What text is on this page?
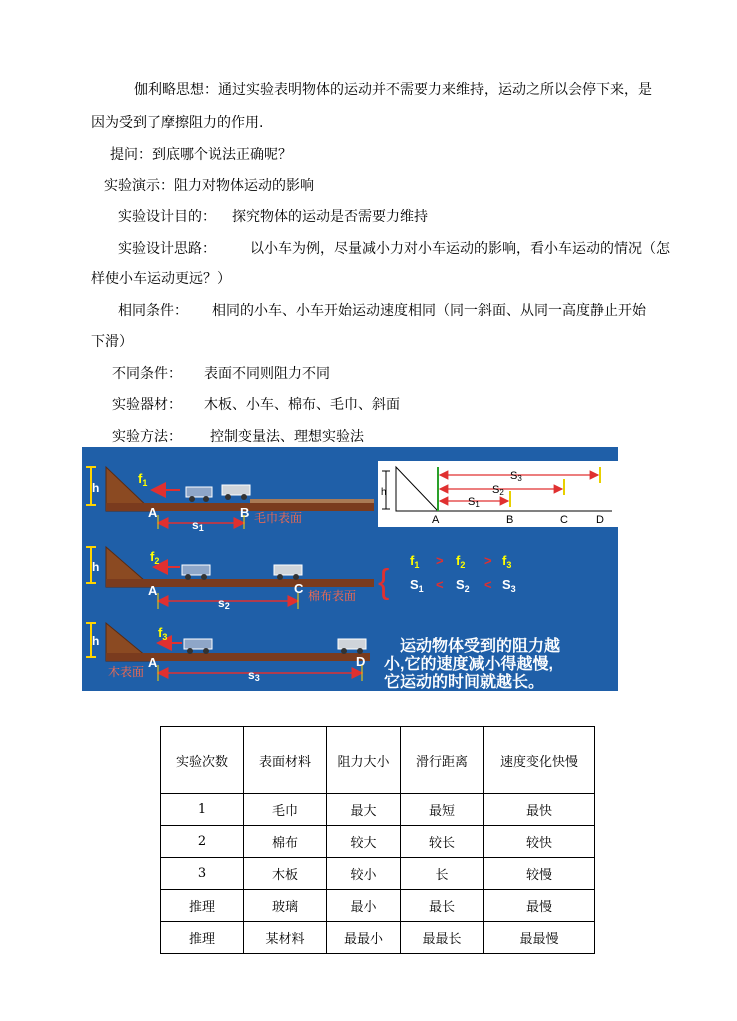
伽利略思想：通过实验表明物体的运动并不需要力来维持，运动之所以会停下来，是
因为受到了摩擦阻力的作用.
提问：到底哪个说法正确呢？
实验演示：阻力对物体运动的影响
实验设计目的： 探究物体的运动是否需要力维持
实验设计思路： 以小车为例，尽量减小力对小车运动的影响，看小车运动的情况（怎
样使小车运动更远？）
相同条件： 相同的小车、小车开始运动速度相同（同一斜面、从同一高度静止开始
下滑）
不同条件： 表面不同则阻力不同
实验器材： 木板、小车、棉布、毛巾、斜面
实验方法： 控制变量法、理想实验法
h
$f_1$
A	B
s1
毛巾表面
h
$f_2$
A	C
s2
棉布表面
h
$f_3$
A	D
s3
木表面
h
S1
S2
S3
A	B	C	D
{
$f_1 > f_2 > f_3$
$S_1 < S_2 < S_3$
运动物体受到的阻力越
小,它的速度减小得越慢,
它运动的时间就越长。
实验次数	表面材料	阻力大小	滑行距离	速度变化快慢
1	毛巾	最大	最短	最快
2	棉布	较大	较长	较快
3	木板	较小	长	较慢
推理	玻璃	最小	最长	最慢
推理	某材料	最最小	最最长	最最慢
